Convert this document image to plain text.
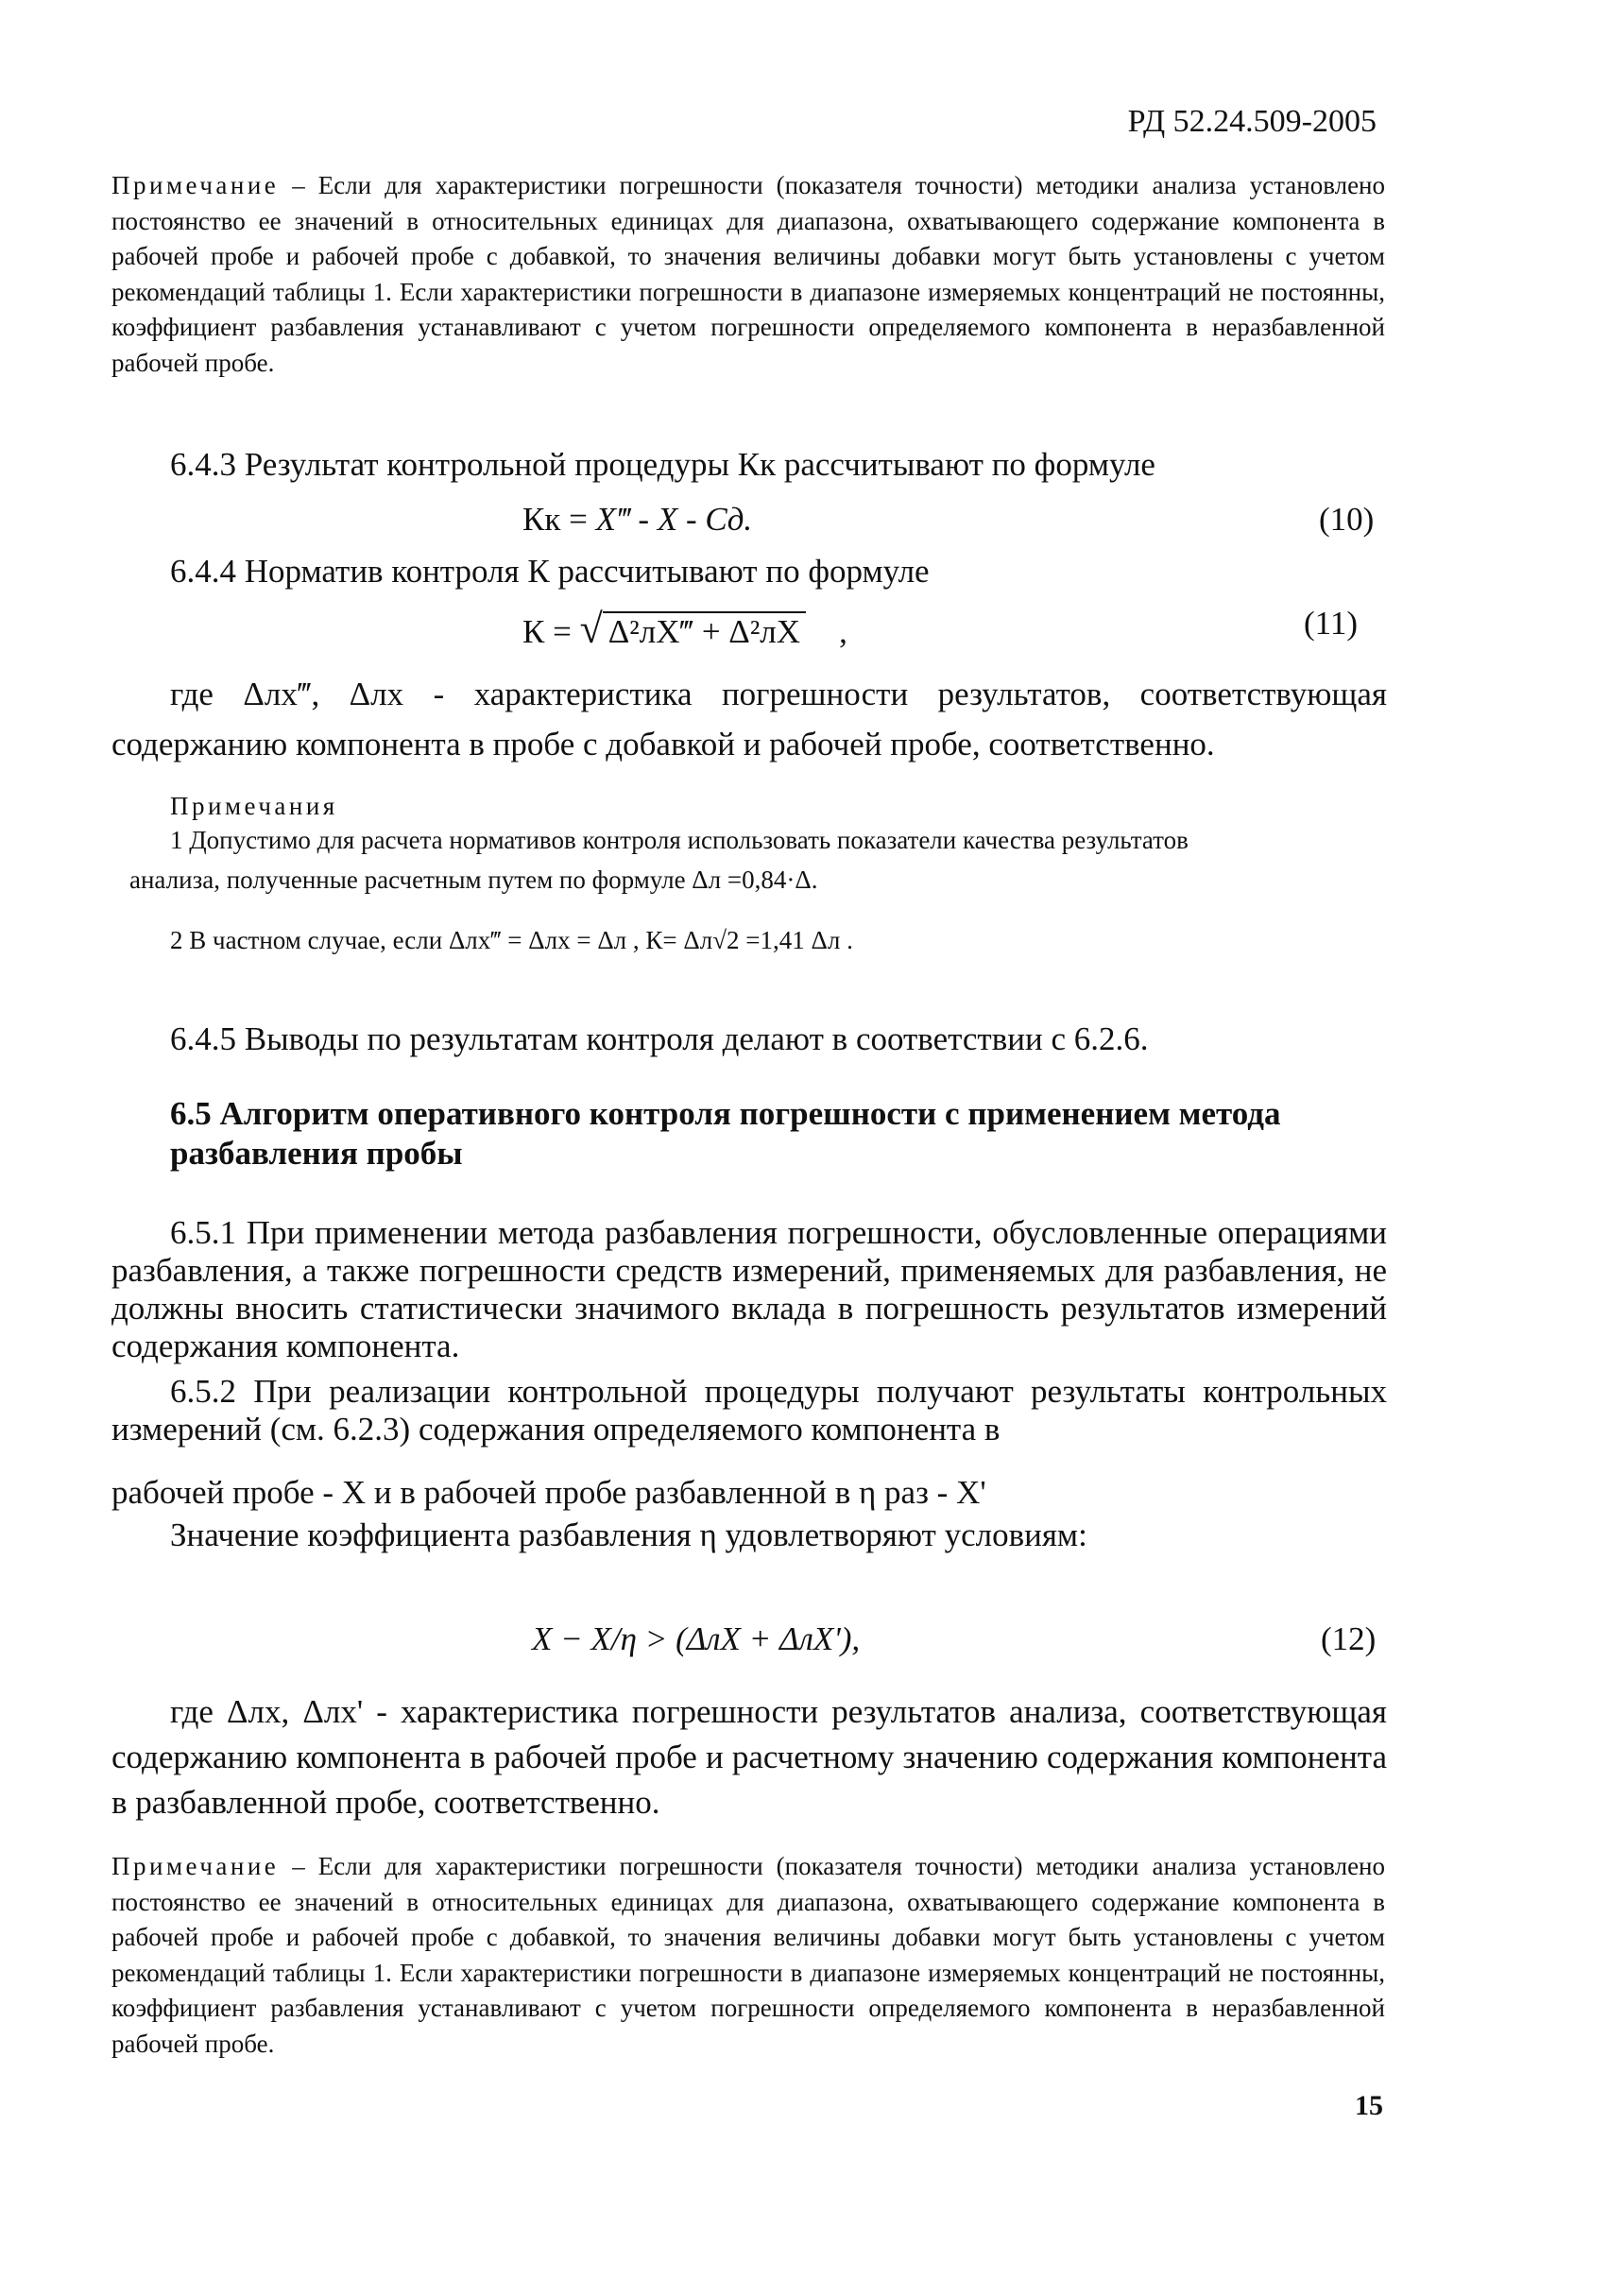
РД 52.24.509-2005
Примечание – Если для характеристики погрешности (показателя точности) методики анализа установлено постоянство ее значений в относительных единицах для диапазона, охватывающего содержание компонента в рабочей пробе и рабочей пробе с добавкой, то значения величины добавки могут быть установлены с учетом рекомендаций таблицы 1. Если характеристики погрешности в диапазоне измеряемых концентраций не постоянны, коэффициент разбавления устанавливают с учетом погрешности определяемого компонента в неразбавленной рабочей пробе.
6.4.3 Результат контрольной процедуры Кк рассчитывают по формуле
Кк = X‴ - X - Cд.	(10)
6.4.4 Норматив контроля К рассчитывают по формуле
К = √ Δ²лX‴ + Δ²лX ,	(11)
где Δлх‴, Δлх - характеристика погрешности результатов, соответствующая содержанию компонента в пробе с добавкой и рабочей пробе, соответственно.
Примечания
1 Допустимо для расчета нормативов контроля использовать показатели качества результатов
анализа, полученные расчетным путем по формуле Δл =0,84·Δ.
2 В частном случае, если Δлх‴ = Δлх = Δл , К= Δл√2 =1,41 Δл .
6.4.5 Выводы по результатам контроля делают в соответствии с 6.2.6.
6.5 Алгоритм оперативного контроля погрешности с применением метода разбавления пробы
6.5.1 При применении метода разбавления погрешности, обусловленные операциями разбавления, а также погрешности средств измерений, применяемых для разбавления, не должны вносить статистически значимого вклада в погрешность результатов измерений содержания компонента.
6.5.2 При реализации контрольной процедуры получают результаты контрольных измерений (см. 6.2.3) содержания определяемого компонента в
рабочей пробе - X и в рабочей пробе разбавленной в η раз - X'
Значение коэффициента разбавления η удовлетворяют условиям:
X − X/η > (ΔлX + ΔлX'),	(12)
где Δлх, Δлх' - характеристика погрешности результатов анализа, соответствующая содержанию компонента в рабочей пробе и расчетному значению содержания компонента в разбавленной пробе, соответственно.
Примечание – Если для характеристики погрешности (показателя точности) методики анализа установлено постоянство ее значений в относительных единицах для диапазона, охватывающего содержание компонента в рабочей пробе и рабочей пробе с добавкой, то значения величины добавки могут быть установлены с учетом рекомендаций таблицы 1. Если характеристики погрешности в диапазоне измеряемых концентраций не постоянны, коэффициент разбавления устанавливают с учетом погрешности определяемого компонента в неразбавленной рабочей пробе.
15
